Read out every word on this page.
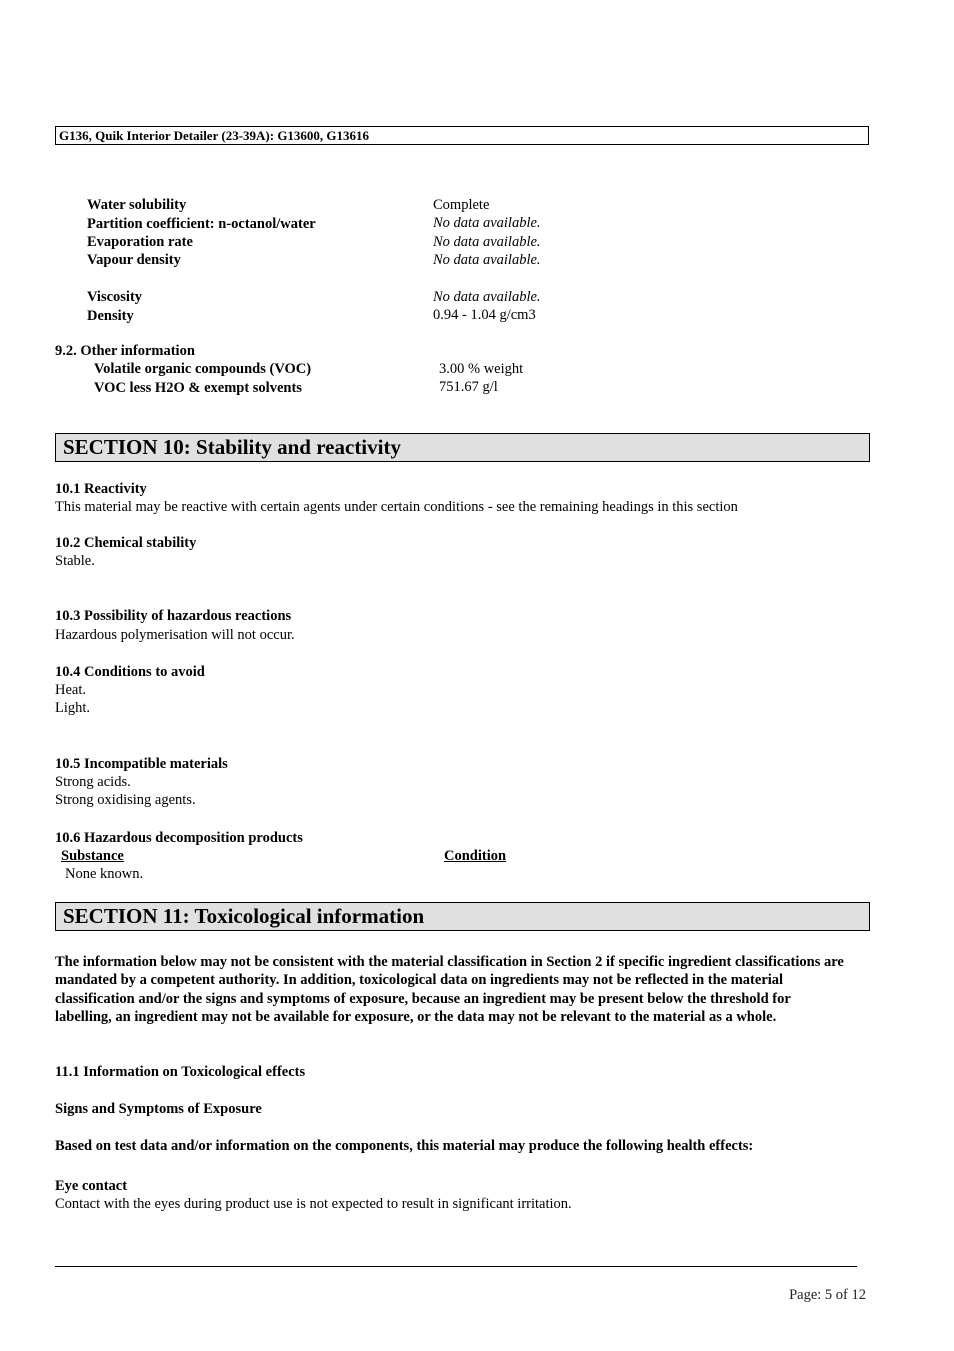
G136, Quik Interior Detailer (23-39A): G13600, G13616
Water solubility	Complete
Partition coefficient: n-octanol/water	No data available.
Evaporation rate	No data available.
Vapour density	No data available.
Viscosity	No data available.
Density	0.94 - 1.04 g/cm3
9.2. Other information
Volatile organic compounds (VOC)	3.00 % weight
VOC less H2O & exempt solvents	751.67 g/l
SECTION 10: Stability and reactivity
10.1 Reactivity
This material may be reactive with certain agents under certain conditions - see the remaining headings in this section
10.2 Chemical stability
Stable.
10.3 Possibility of hazardous reactions
Hazardous polymerisation will not occur.
10.4 Conditions to avoid
Heat.
Light.
10.5 Incompatible materials
Strong acids.
Strong oxidising agents.
10.6 Hazardous decomposition products
Substance	Condition
None known.
SECTION 11: Toxicological information
The information below may not be consistent with the material classification in Section 2 if specific ingredient classifications are mandated by a competent authority. In addition, toxicological data on ingredients may not be reflected in the material classification and/or the signs and symptoms of exposure, because an ingredient may be present below the threshold for labelling, an ingredient may not be available for exposure, or the data may not be relevant to the material as a whole.
11.1 Information on Toxicological effects
Signs and Symptoms of Exposure
Based on test data and/or information on the components, this material may produce the following health effects:
Eye contact
Contact with the eyes during product use is not expected to result in significant irritation.
Page: 5 of 12
